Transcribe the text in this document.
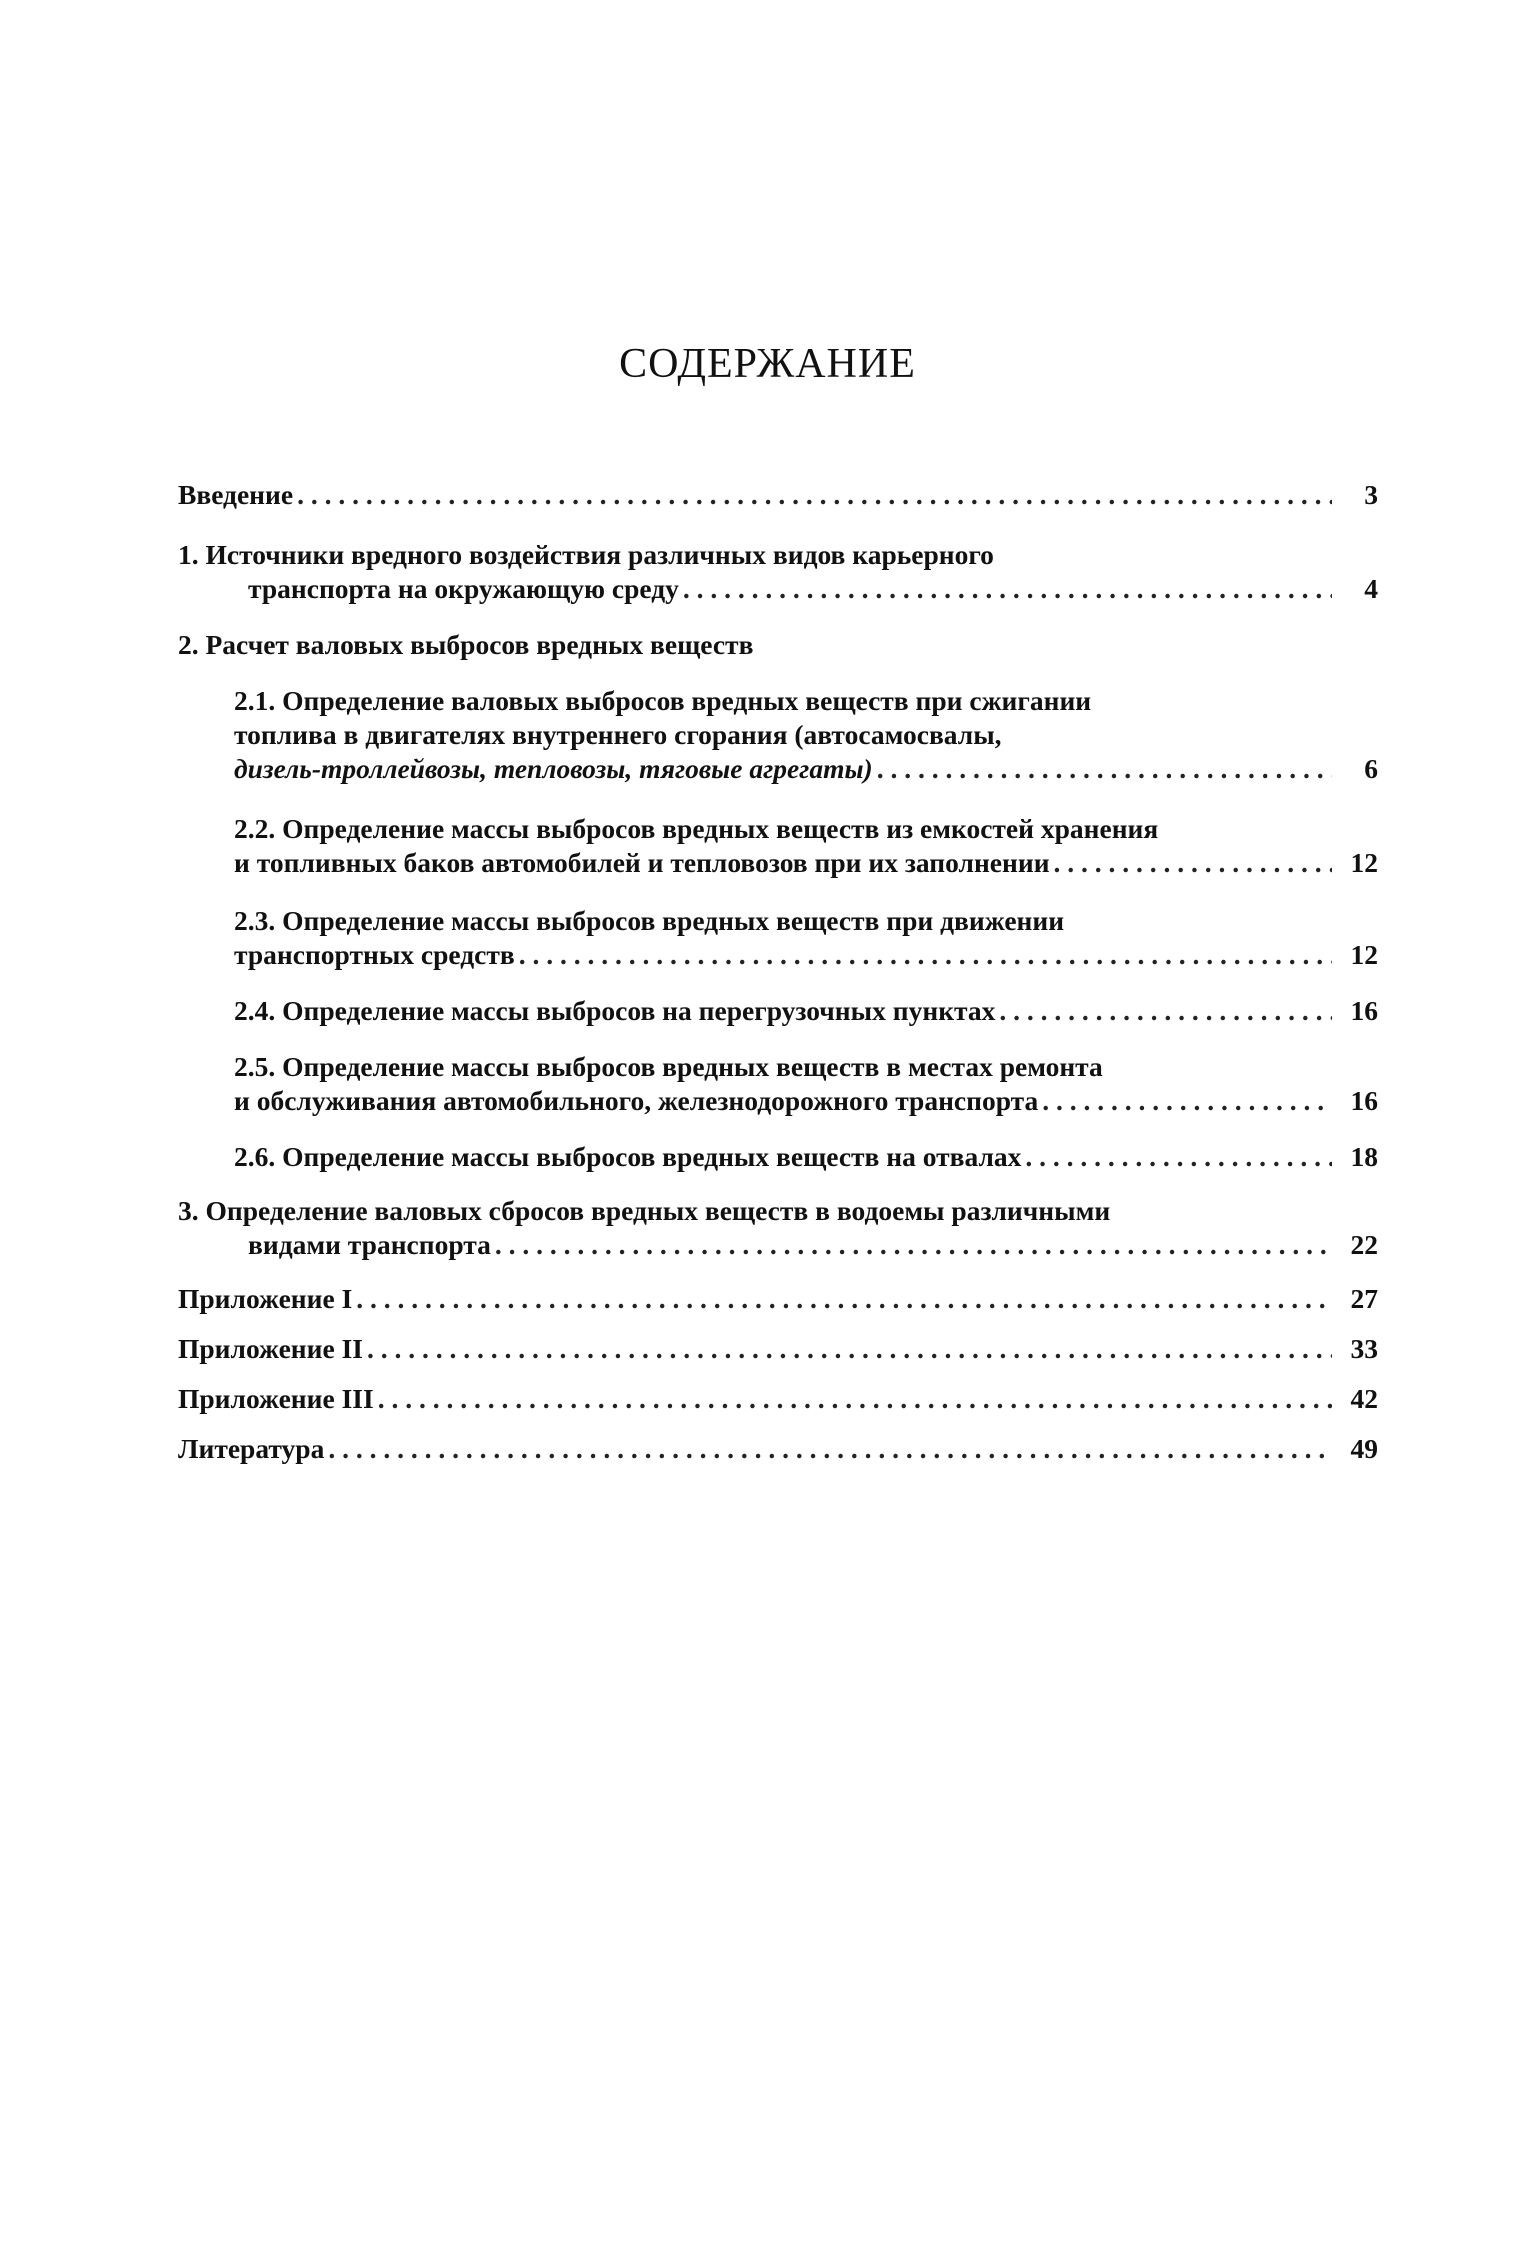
СОДЕРЖАНИЕ
Введение . . .	3
1. Источники вредного воздействия различных видов карьерного
транспорта на окружающую среду . . .	4
2. Расчет валовых выбросов вредных веществ
2.1. Определение валовых выбросов вредных веществ при сжигании
топлива в двигателях внутреннего сгорания (автосамосвалы,
дизель-троллейвозы, тепловозы, тяговые агрегаты) . . .	6
2.2. Определение массы выбросов вредных веществ из емкостей хранения
и топливных баков автомобилей и тепловозов при их заполнении . . .	12
2.3. Определение массы выбросов вредных веществ при движении
транспортных средств . . .	12
2.4. Определение массы выбросов на перегрузочных пунктах . . .	16
2.5. Определение массы выбросов вредных веществ в местах ремонта
и обслуживания автомобильного, железнодорожного транспорта . . .	16
2.6. Определение массы выбросов вредных веществ на отвалах . . .	18
3. Определение валовых сбросов вредных веществ в водоемы различными
видами транспорта . . .	22
Приложение I . . .	27
Приложение II . . .	33
Приложение III . . .	42
Литература . . .	49
